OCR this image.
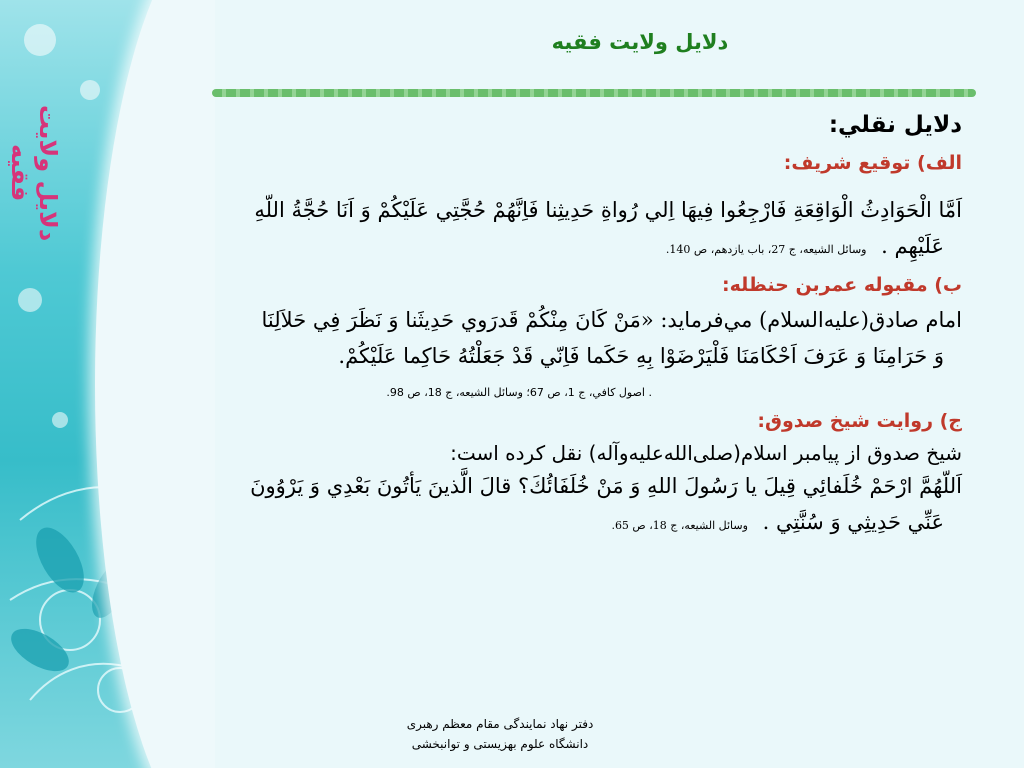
دلایل ولایت فقیه
دلایل ولایت فقیه

دلايل نقلي:

الف) توقيع شريف:

اَمَّا الْحَوَادِثُ الْوَاقِعَةِ فَارْجِعُوا فِيهَا اِلي رُواةِ حَدِيثِنا فَاِنَّهُمْ حُجَّتِي عَلَيْكُمْ وَ اَنَا حُجَّةُ اللّهِ

عَلَيْهِم . وسائل الشيعه، ج 27، باب يازدهم، ص 140.

ب) مقبوله عمربن حنظله:

امام صادق(عليه‌السلام) مي‌فرمايد: «مَنْ كَانَ مِنْكُمْ قَدرَوي حَدِيثَنا وَ نَظَرَ فِي حَلاَلِنَا

وَ حَرَامِنَا وَ عَرَفَ اَحْكَامَنَا فَلْيَرْضَوْا بِهِ حَكَما فَاِنّي قَدْ جَعَلْتُهُ حَاكِما عَلَيْكُمْ.

. اصول كافي، ج 1، ص 67؛ وسائل الشيعه، ج 18، ص 98.

ج) روايت شيخ صدوق:

شيخ صدوق از پيامبر اسلام(صلی‌الله‌علیه‌وآله) نقل كرده است:

اَللّهُمَّ ارْحَمْ خُلَفائِي قِيلَ يا رَسُولَ اللهِ وَ مَنْ خُلَفَائُكَ؟ قالَ الَّذينَ يَأتُونَ بَعْدِي وَ يَرْوُونَ

عَنِّي حَدِيثِي وَ سُنَّتِي . وسائل الشيعه، ج 18، ص 65.

دفتر نهاد نمایندگی مقام معظم رهبری
دانشگاه علوم بهزیستی و توانبخشی
